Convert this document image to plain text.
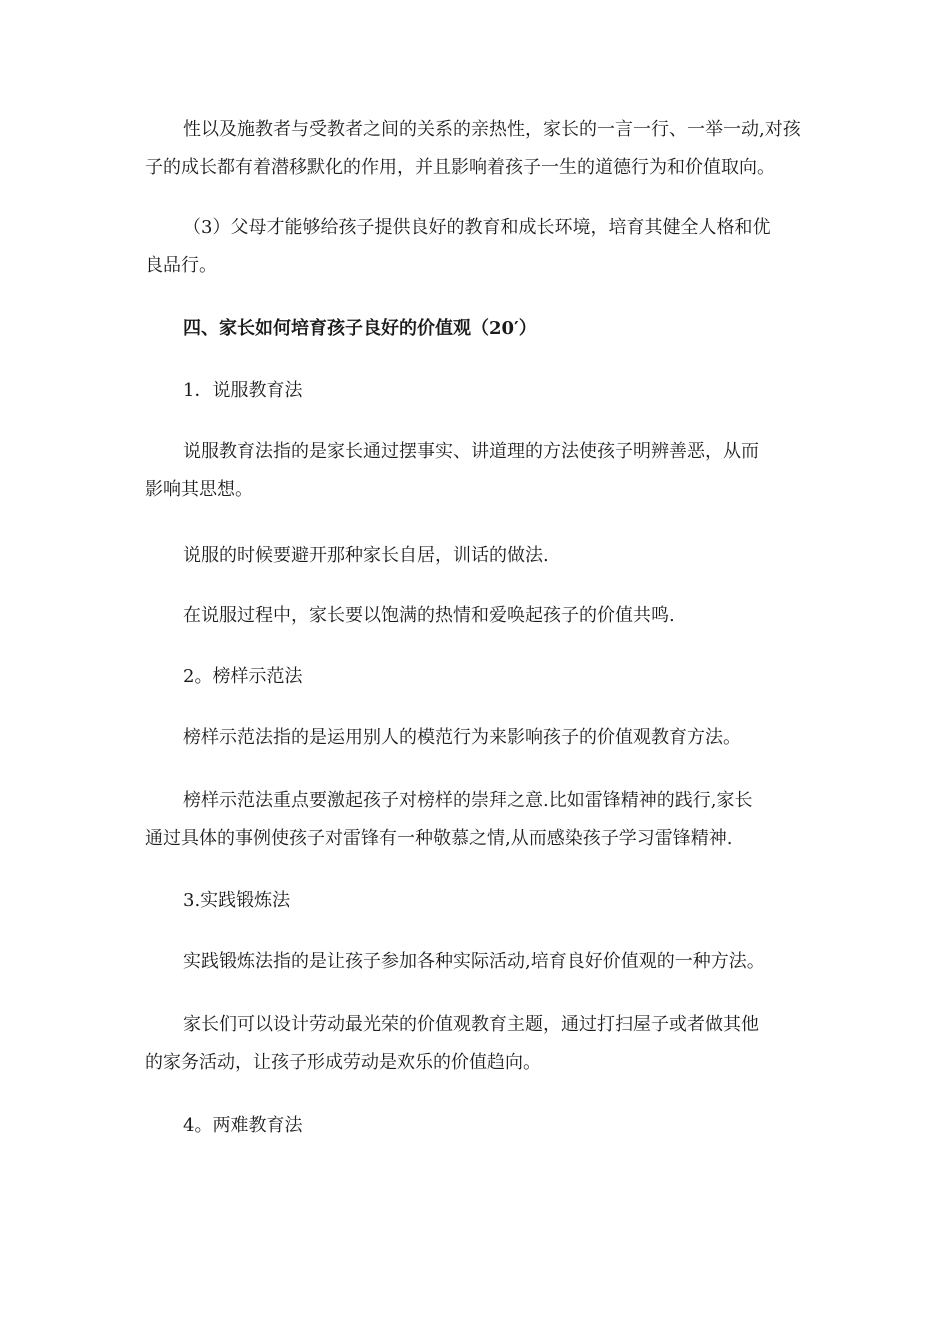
性以及施教者与受教者之间的关系的亲热性，家长的一言一行、一举一动,对孩
子的成长都有着潜移默化的作用，并且影响着孩子一生的道德行为和价值取向。

（3）父母才能够给孩子提供良好的教育和成长环境，培育其健全人格和优
良品行。

四、家长如何培育孩子良好的价值观（20′）

1．说服教育法

说服教育法指的是家长通过摆事实、讲道理的方法使孩子明辨善恶，从而
影响其思想。

说服的时候要避开那种家长自居，训话的做法.

在说服过程中，家长要以饱满的热情和爱唤起孩子的价值共鸣.

2。榜样示范法

榜样示范法指的是运用别人的模范行为来影响孩子的价值观教育方法。

榜样示范法重点要激起孩子对榜样的崇拜之意.比如雷锋精神的践行,家长
通过具体的事例使孩子对雷锋有一种敬慕之情,从而感染孩子学习雷锋精神.

3.实践锻炼法

实践锻炼法指的是让孩子参加各种实际活动,培育良好价值观的一种方法。

家长们可以设计劳动最光荣的价值观教育主题，通过打扫屋子或者做其他
的家务活动，让孩子形成劳动是欢乐的价值趋向。

4。两难教育法
